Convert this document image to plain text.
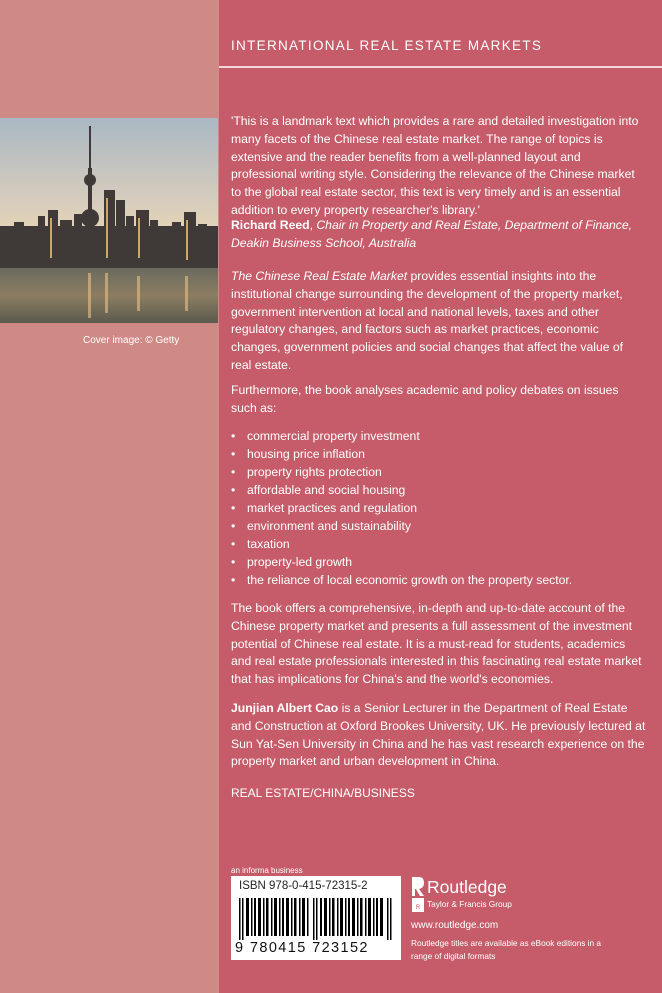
INTERNATIONAL REAL ESTATE MARKETS
Cover image: © Getty
'This is a landmark text which provides a rare and detailed investigation into many facets of the Chinese real estate market. The range of topics is extensive and the reader benefits from a well-planned layout and professional writing style. Considering the relevance of the Chinese market to the global real estate sector, this text is very timely and is an essential addition to every property researcher's library.'
Richard Reed, Chair in Property and Real Estate, Department of Finance, Deakin Business School, Australia
The Chinese Real Estate Market provides essential insights into the institutional change surrounding the development of the property market, government intervention at local and national levels, taxes and other regulatory changes, and factors such as market practices, economic changes, government policies and social changes that affect the value of real estate.
Furthermore, the book analyses academic and policy debates on issues such as:
• commercial property investment
• housing price inflation
• property rights protection
• affordable and social housing
• market practices and regulation
• environment and sustainability
• taxation
• property-led growth
• the reliance of local economic growth on the property sector.
The book offers a comprehensive, in-depth and up-to-date account of the Chinese property market and presents a full assessment of the investment potential of Chinese real estate. It is a must-read for students, academics and real estate professionals interested in this fascinating real estate market that has implications for China's and the world's economies.
Junjian Albert Cao is a Senior Lecturer in the Department of Real Estate and Construction at Oxford Brookes University, UK. He previously lectured at Sun Yat-Sen University in China and he has vast research experience on the property market and urban development in China.
REAL ESTATE/CHINA/BUSINESS
an informa business
ISBN 978-0-415-72315-2
9 780415 723152
R
Routledge
Taylor & Francis Group
www.routledge.com
Routledge titles are available as eBook editions in a range of digital formats
